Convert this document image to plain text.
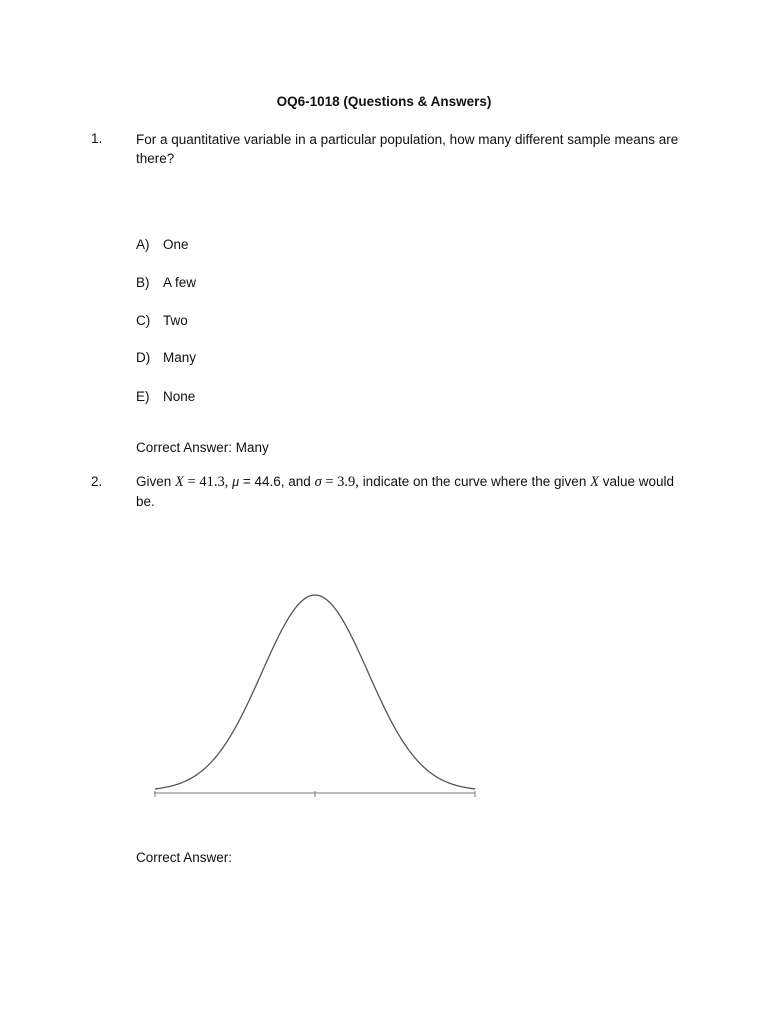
OQ6-1018 (Questions & Answers)
1. For a quantitative variable in a particular population, how many different sample means are there?
A) One
B) A few
C) Two
D) Many
E) None
Correct Answer: Many
2. Given X = 41.3, μ = 44.6, and σ = 3.9, indicate on the curve where the given X value would be.
Correct Answer:
